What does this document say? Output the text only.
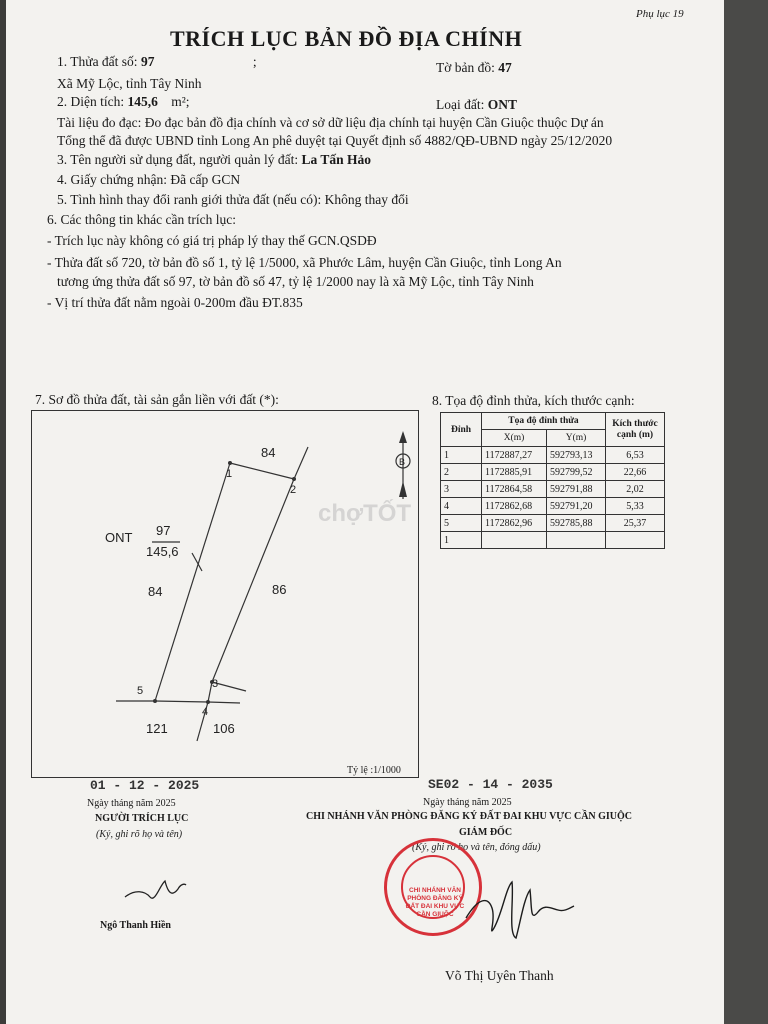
Phụ lục 19
TRÍCH LỤC BẢN ĐỒ ĐỊA CHÍNH
1. Thửa đất số: 97	;	Tờ bản đồ: 47
Xã Mỹ Lộc, tỉnh Tây Ninh
2. Diện tích: 145,6 m²;	Loại đất: ONT
Tài liệu đo đạc: Đo đạc bản đồ địa chính và cơ sở dữ liệu địa chính tại huyện Cần Giuộc thuộc Dự án
Tổng thể đã được UBND tỉnh Long An phê duyệt tại Quyết định số 4882/QĐ-UBND ngày 25/12/2020
3. Tên người sử dụng đất, người quản lý đất: La Tấn Hảo
4. Giấy chứng nhận: Đã cấp GCN
5. Tình hình thay đổi ranh giới thửa đất (nếu có): Không thay đổi
6. Các thông tin khác cần trích lục:
- Trích lục này không có giá trị pháp lý thay thế GCN.QSDĐ
- Thửa đất số 720, tờ bản đồ số 1, tỷ lệ 1/5000, xã Phước Lâm, huyện Cần Giuộc, tỉnh Long An
tương ứng thửa đất số 97, tờ bản đồ số 47, tỷ lệ 1/2000 nay là xã Mỹ Lộc, tỉnh Tây Ninh
- Vị trí thửa đất nằm ngoài 0-200m đầu ĐT.835
7. Sơ đồ thửa đất, tài sản gắn liền với đất (*):
84
84	86
121	106
ONT 97
145,6
1
2
3
4
5
B
Tỷ lệ :1/1000
8. Tọa độ đỉnh thửa, kích thước cạnh:
Đỉnh	Tọa độ đỉnh thửa		Kích thước
cạnh (m)

	X(m)	Y(m)	
1	1172887,27	592793,13	6,53
2	1172885,91	592799,52	22,66
3	1172864,58	592791,88	2,02
4	1172862,68	592791,20	5,33
5	1172862,96	592785,88	25,37
1			
chợTỐT
01 - 12 - 2025
Ngày tháng năm 2025
NGƯỜI TRÍCH LỤC
(Ký, ghi rõ họ và tên)
Ngô Thanh Hiền
SE02 - 14 - 2035
Ngày tháng năm 2025
CHI NHÁNH VĂN PHÒNG ĐĂNG KÝ ĐẤT ĐAI KHU VỰC CẦN GIUỘC
GIÁM ĐỐC
(Ký, ghi rõ họ và tên, đóng dấu)
CHI NHÁNH VĂN PHÒNG ĐĂNG KÝ ĐẤT ĐAI KHU VỰC CẦN GIUỘC
Võ Thị Uyên Thanh
